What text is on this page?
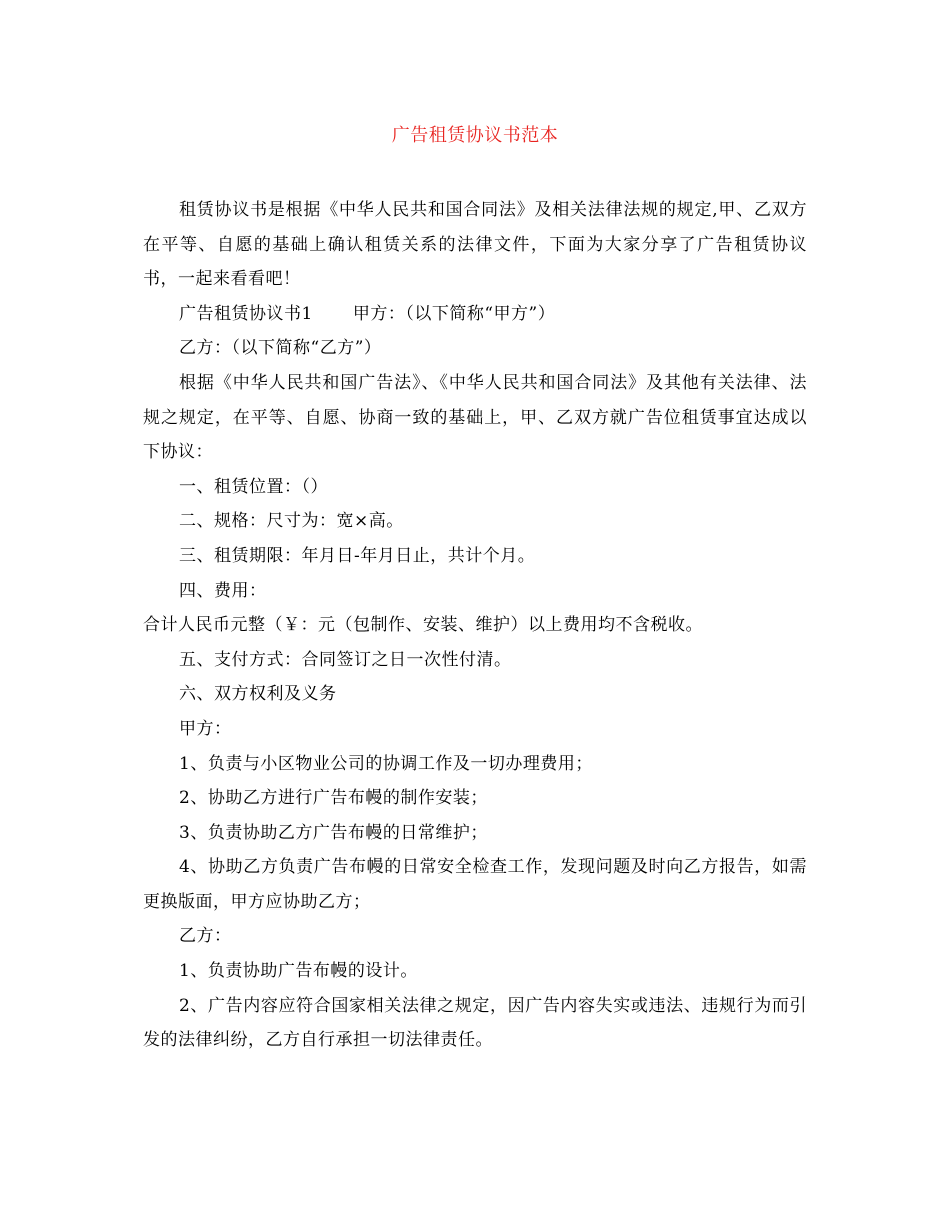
广告租赁协议书范本

租赁协议书是根据《中华人民共和国合同法》及相关法律法规的规定,甲、乙双方在平等、自愿的基础上确认租赁关系的法律文件，下面为大家分享了广告租赁协议书，一起来看看吧！

广告租赁协议书1 甲方：（以下简称“甲方”）

乙方：（以下简称“乙方”）

根据《中华人民共和国广告法》、《中华人民共和国合同法》及其他有关法律、法规之规定，在平等、自愿、协商一致的基础上，甲、乙双方就广告位租赁事宜达成以下协议：

一、租赁位置：（）

二、规格：尺寸为：宽×高。

三、租赁期限：年月日-年月日止，共计个月。

四、费用：

合计人民币元整（￥：元（包制作、安装、维护）以上费用均不含税收。

五、支付方式：合同签订之日一次性付清。

六、双方权利及义务

甲方：

1、负责与小区物业公司的协调工作及一切办理费用；

2、协助乙方进行广告布幔的制作安装；

3、负责协助乙方广告布幔的日常维护；

4、协助乙方负责广告布幔的日常安全检查工作，发现问题及时向乙方报告，如需更换版面，甲方应协助乙方；

乙方：

1、负责协助广告布幔的设计。

2、广告内容应符合国家相关法律之规定，因广告内容失实或违法、违规行为而引发的法律纠纷，乙方自行承担一切法律责任。
